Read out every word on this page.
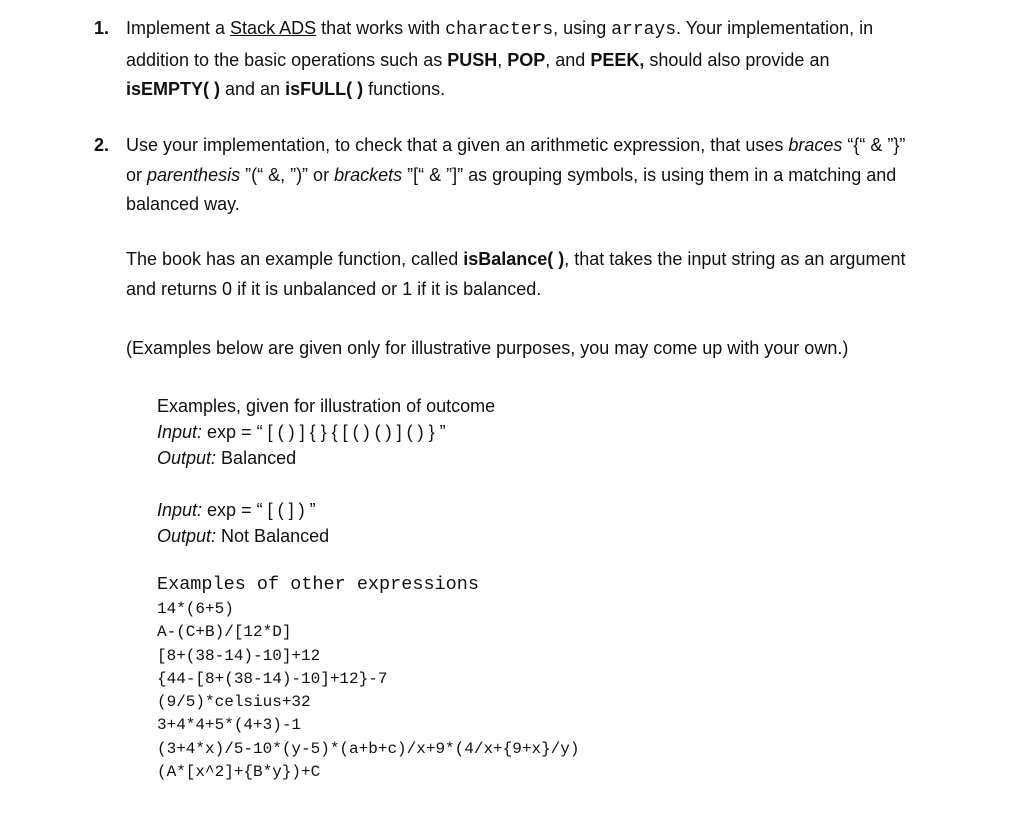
1. Implement a Stack ADS that works with characters, using arrays. Your implementation, in addition to the basic operations such as PUSH, POP, and PEEK, should also provide an isEMPTY( ) and an isFULL( ) functions.
2. Use your implementation, to check that a given an arithmetic expression, that uses braces “{“ & ”}” or parenthesis ”(“ &, ”)” or brackets ”[“ & ”]” as grouping symbols, is using them in a matching and balanced way.
The book has an example function, called isBalance( ), that takes the input string as an argument and returns 0 if it is unbalanced or 1 if it is balanced.
(Examples below are given only for illustrative purposes, you may come up with your own.)
Examples, given for illustration of outcome
Input: exp = “ [ ( ) ] { } { [ ( ) ( ) ] ( ) } ”
Output: Balanced
Input: exp = “ [ ( ] ) ”
Output: Not Balanced
Examples of other expressions
14*(6+5)
A-(C+B)/[12*D]
[8+(38-14)-10]+12
{44-[8+(38-14)-10]+12}-7
(9/5)*celsius+32
3+4*4+5*(4+3)-1
(3+4*x)/5-10*(y-5)*(a+b+c)/x+9*(4/x+{9+x}/y)
(A*[x^2]+{B*y})+C
